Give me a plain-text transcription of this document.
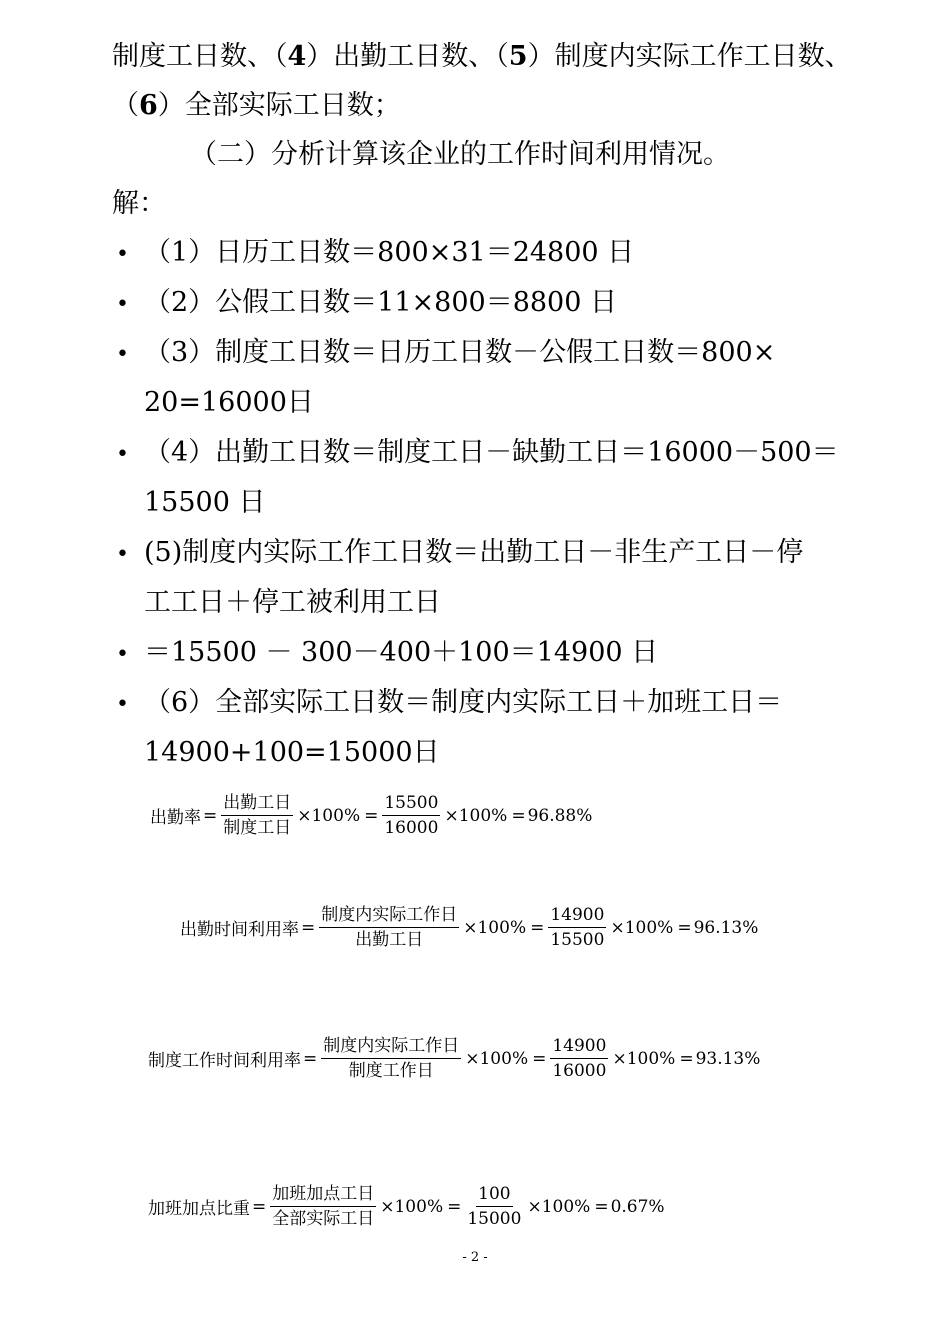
制度工日数、（4）出勤工日数、（5）制度内实际工作工日数、
（6）全部实际工日数；
（二）分析计算该企业的工作时间利用情况。
解：
• （1）日历工日数＝800×31＝24800 日
• （2）公假工日数＝11×800＝8800 日
• （3）制度工日数＝日历工日数－公假工日数＝800×
20=16000日
• （4）出勤工日数＝制度工日－缺勤工日＝16000－500＝
15500 日
• (5)制度内实际工作工日数＝出勤工日－非生产工日－停
工工日＋停工被利用工日
• ＝15500 － 300－400＋100＝14900 日
• （6）全部实际工日数＝制度内实际工日＋加班工日＝
14900+100=15000日
出勤率 = $\frac{\text{出勤工日}}{\text{制度工日}} \times 100\% = \frac{15500}{16000} \times 100\% = 96.88\%$
出勤时间利用率 = $\frac{\text{制度内实际工作日}}{\text{出勤工日}} \times 100\% = \frac{14900}{15500} \times 100\% = 96.13\%$
制度工作时间利用率 = $\frac{\text{制度内实际工作日}}{\text{制度工作日}} \times 100\% = \frac{14900}{16000} \times 100\% = 93.13\%$
加班加点比重 = $\frac{\text{加班加点工日}}{\text{全部实际工日}} \times 100\% = \frac{100}{15000} \times 100\% = 0.67\%$
- 2 -
